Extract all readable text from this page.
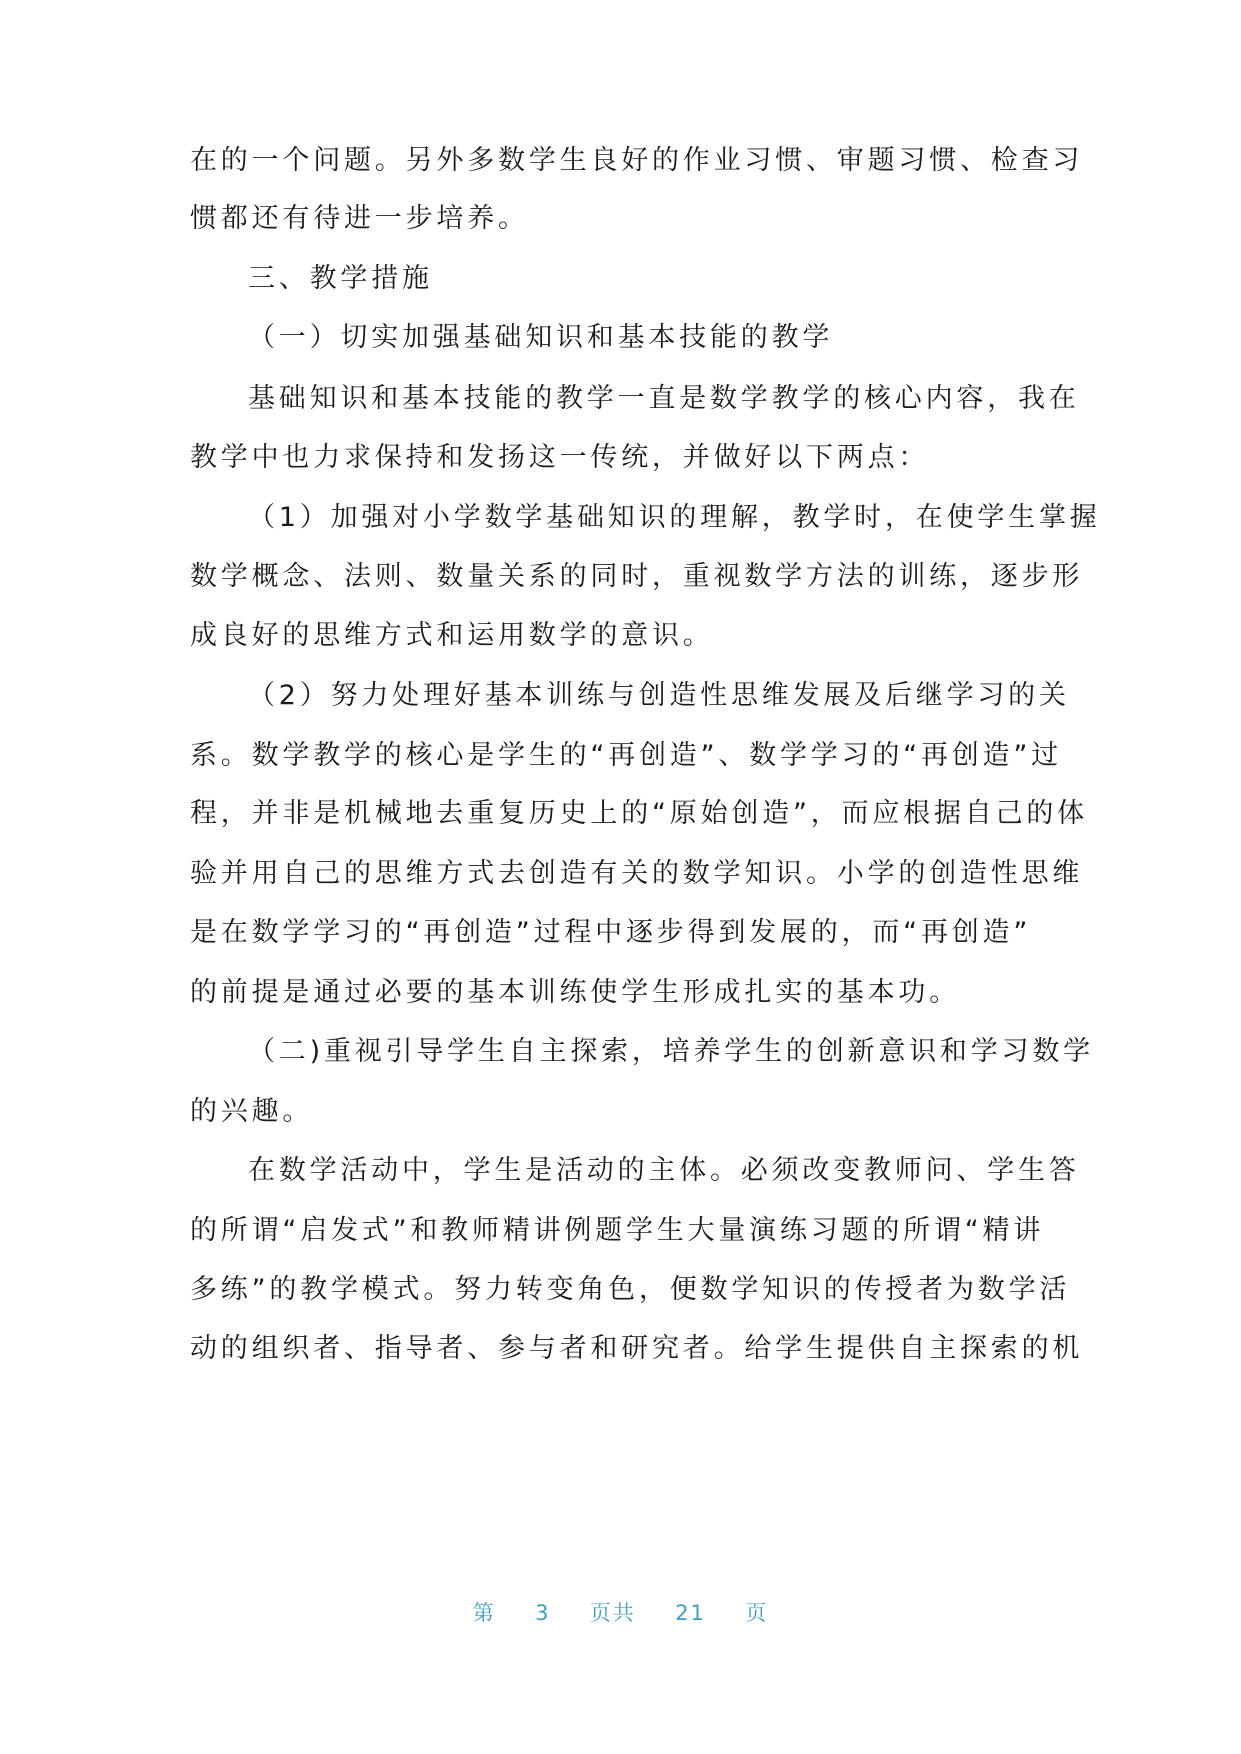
在的一个问题。另外多数学生良好的作业习惯、审题习惯、检查习
惯都还有待进一步培养。
三、教学措施
（一）切实加强基础知识和基本技能的教学
基础知识和基本技能的教学一直是数学教学的核心内容，我在
教学中也力求保持和发扬这一传统，并做好以下两点：
（1）加强对小学数学基础知识的理解，教学时，在使学生掌握
数学概念、法则、数量关系的同时，重视数学方法的训练，逐步形
成良好的思维方式和运用数学的意识。
（2）努力处理好基本训练与创造性思维发展及后继学习的关
系。数学教学的核心是学生的“再创造”、数学学习的“再创造”过
程，并非是机械地去重复历史上的“原始创造”，而应根据自己的体
验并用自己的思维方式去创造有关的数学知识。小学的创造性思维
是在数学学习的“再创造”过程中逐步得到发展的，而“再创造”
的前提是通过必要的基本训练使学生形成扎实的基本功。
（二)重视引导学生自主探索，培养学生的创新意识和学习数学
的兴趣。
在数学活动中，学生是活动的主体。必须改变教师问、学生答
的所谓“启发式”和教师精讲例题学生大量演练习题的所谓“精讲
多练”的教学模式。努力转变角色，便数学知识的传授者为数学活
动的组织者、指导者、参与者和研究者。给学生提供自主探索的机
第 3 页共 21 页
